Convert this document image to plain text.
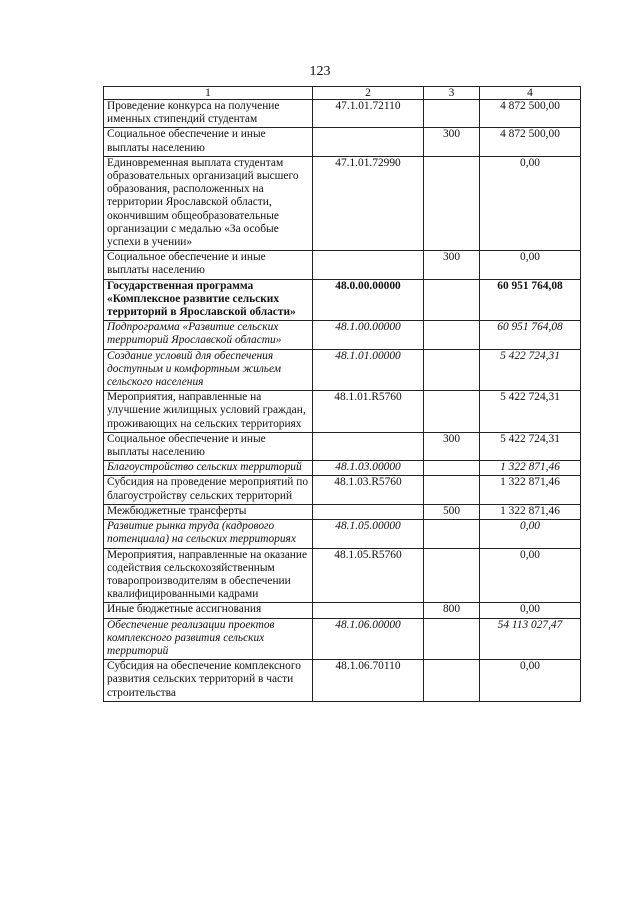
123
1	2	3	4
Проведение конкурса на получение именных стипендий студентам	47.1.01.72110		4 872 500,00
Социальное обеспечение и иные выплаты населению		300	4 872 500,00
Единовременная выплата студентам образовательных организаций высшего образования, расположенных на территории Ярославской области, окончившим общеобразовательные организации с медалью «За особые успехи в учении»	47.1.01.72990		0,00
Социальное обеспечение и иные выплаты населению		300	0,00
Государственная программа «Комплексное развитие сельских территорий в Ярославской области»	48.0.00.00000		60 951 764,08
Подпрограмма «Развитие сельских территорий Ярославской области»	48.1.00.00000		60 951 764,08
Создание условий для обеспечения доступным и комфортным жильем сельского населения	48.1.01.00000		5 422 724,31
Мероприятия, направленные на улучшение жилищных условий граждан, проживающих на сельских территориях	48.1.01.R5760		5 422 724,31
Социальное обеспечение и иные выплаты населению		300	5 422 724,31
Благоустройство сельских территорий	48.1.03.00000		1 322 871,46
Субсидия на проведение мероприятий по благоустройству сельских территорий	48.1.03.R5760		1 322 871,46
Межбюджетные трансферты		500	1 322 871,46
Развитие рынка труда (кадрового потенциала) на сельских территориях	48.1.05.00000		0,00
Мероприятия, направленные на оказание содействия сельскохозяйственным товаропроизводителям в обеспечении квалифицированными кадрами	48.1.05.R5760		0,00
Иные бюджетные ассигнования		800	0,00
Обеспечение реализации проектов комплексного развития сельских территорий	48.1.06.00000		54 113 027,47
Субсидия на обеспечение комплексного развития сельских территорий в части строительства	48.1.06.70110		0,00
